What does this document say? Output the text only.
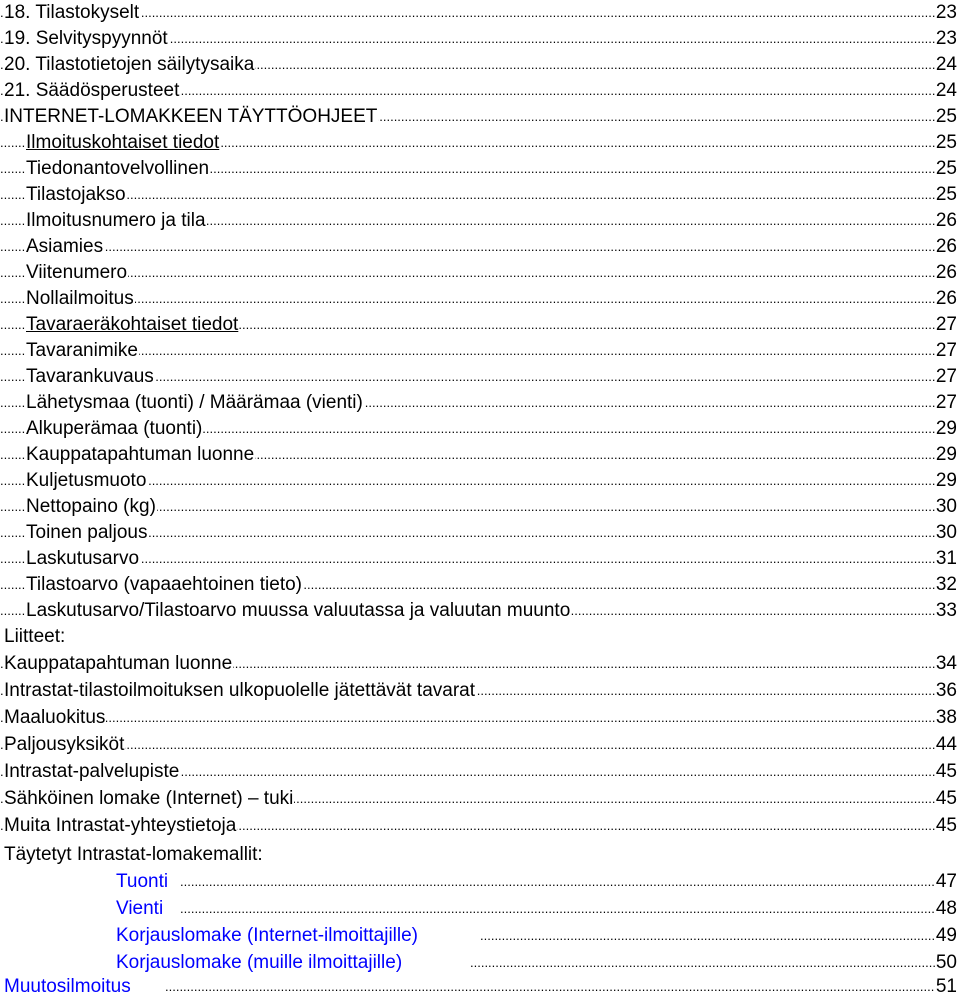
.....
18. Tilastokyselt	23
.....
19. Selvityspyynnöt	23
.....
20. Tilastotietojen säilytysaika	24
.....
21. Säädösperusteet	24
.....
INTERNET-LOMAKKEEN TÄYTTÖOHJEET	25
.....
Ilmoituskohtaiset tiedot	25
.....
Tiedonantovelvollinen	25
.....
Tilastojakso	25
.....
Ilmoitusnumero ja tila	26
.....
Asiamies	26
.....
Viitenumero	26
.....
Nollailmoitus	26
.....
Tavaraeräkohtaiset tiedot	27
.....
Tavaranimike	27
.....
Tavarankuvaus	27
.....
Lähetysmaa (tuonti) / Määrämaa (vienti)	27
.....
Alkuperämaa (tuonti)	29
.....
Kauppatapahtuman luonne	29
.....
Kuljetusmuoto	29
.....
Nettopaino (kg)	30
.....
Toinen paljous	30
.....
Laskutusarvo	31
.....
Tilastoarvo (vapaaehtoinen tieto)	32
.....
Laskutusarvo/Tilastoarvo muussa valuutassa ja valuutan muunto	33
Liitteet:
.....
Kauppatapahtuman luonne	34
.....
Intrastat-tilastoilmoituksen ulkopuolelle jätettävät tavarat	36
.....
Maaluokitus	38
.....
Paljousyksiköt	44
.....
Intrastat-palvelupiste	45
.....
Sähköinen lomake (Internet) – tuki	45
.....
Muita Intrastat-yhteystietoja	45
Täytetyt Intrastat-lomakemallit:
.....
Tuonti	47
.....
Vienti	48
.....
Korjauslomake (Internet-ilmoittajille)	49
.....
Korjauslomake (muille ilmoittajille)	50
.....
Muutosilmoitus	51
